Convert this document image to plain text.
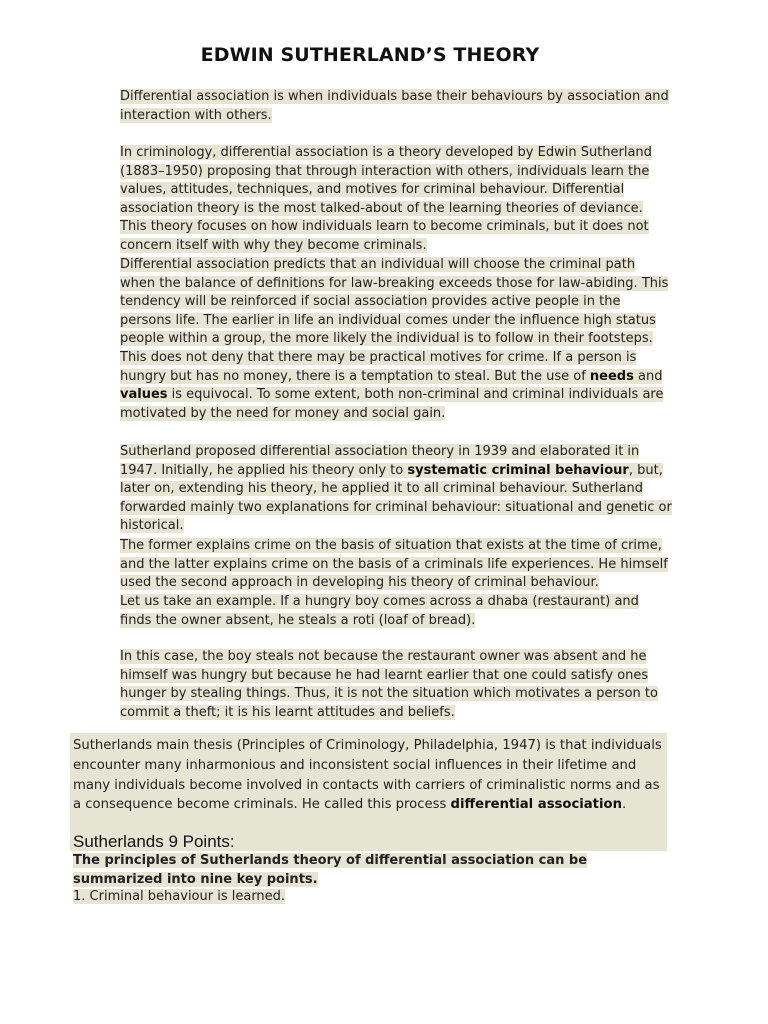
EDWIN SUTHERLAND’S THEORY

Differential association is when individuals base their behaviours by association and interaction with others.

In criminology, differential association is a theory developed by Edwin Sutherland (1883–1950) proposing that through interaction with others, individuals learn the values, attitudes, techniques, and motives for criminal behaviour. Differential association theory is the most talked-about of the learning theories of deviance. This theory focuses on how individuals learn to become criminals, but it does not concern itself with why they become criminals.

Differential association predicts that an individual will choose the criminal path when the balance of definitions for law-breaking exceeds those for law-abiding. This tendency will be reinforced if social association provides active people in the persons life. The earlier in life an individual comes under the influence high status people within a group, the more likely the individual is to follow in their footsteps. This does not deny that there may be practical motives for crime. If a person is hungry but has no money, there is a temptation to steal. But the use of needs and values is equivocal. To some extent, both non-criminal and criminal individuals are motivated by the need for money and social gain.

Sutherland proposed differential association theory in 1939 and elaborated it in 1947. Initially, he applied his theory only to systematic criminal behaviour, but, later on, extending his theory, he applied it to all criminal behaviour. Sutherland forwarded mainly two explanations for criminal behaviour: situational and genetic or historical.

The former explains crime on the basis of situation that exists at the time of crime, and the latter explains crime on the basis of a criminals life experiences. He himself used the second approach in developing his theory of criminal behaviour.

Let us take an example. If a hungry boy comes across a dhaba (restaurant) and finds the owner absent, he steals a roti (loaf of bread).

In this case, the boy steals not because the restaurant owner was absent and he himself was hungry but because he had learnt earlier that one could satisfy ones hunger by stealing things. Thus, it is not the situation which motivates a person to commit a theft; it is his learnt attitudes and beliefs.

Sutherlands main thesis (Principles of Criminology, Philadelphia, 1947) is that individuals encounter many inharmonious and inconsistent social influences in their lifetime and many individuals become involved in contacts with carriers of criminalistic norms and as a consequence become criminals. He called this process differential association.

Sutherlands 9 Points:
The principles of Sutherlands theory of differential association can be summarized into nine key points.
1. Criminal behaviour is learned.
